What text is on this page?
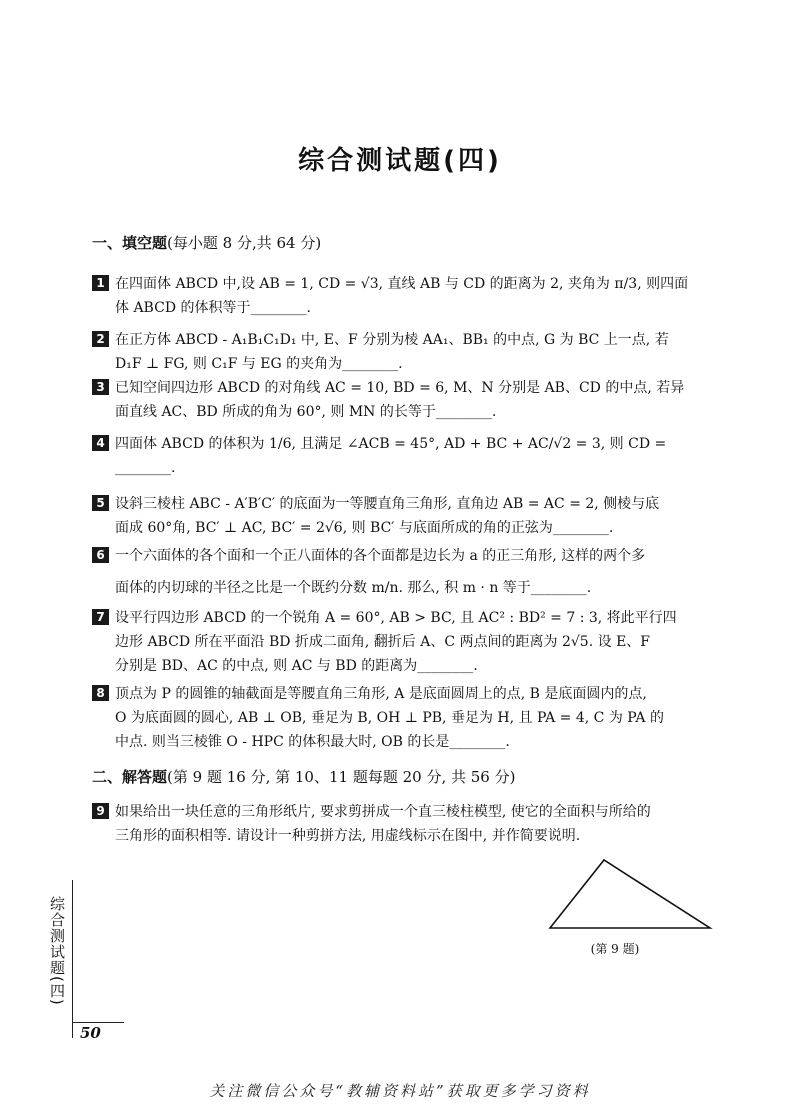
综合测试题(四)
一、填空题(每小题 8 分,共 64 分)
1 在四面体 ABCD 中,设 AB = 1, CD = √3, 直线 AB 与 CD 的距离为 2, 夹角为 π/3, 则四面
体 ABCD 的体积等于________.
2 在正方体 ABCD - A₁B₁C₁D₁ 中, E、F 分别为棱 AA₁、BB₁ 的中点, G 为 BC 上一点, 若
D₁F ⊥ FG, 则 C₁F 与 EG 的夹角为________.
3 已知空间四边形 ABCD 的对角线 AC = 10, BD = 6, M、N 分别是 AB、CD 的中点, 若异
面直线 AC、BD 所成的角为 60°, 则 MN 的长等于________.
4 四面体 ABCD 的体积为 1/6, 且满足 ∠ACB = 45°, AD + BC + AC/√2 = 3, 则 CD =
________.
5 设斜三棱柱 ABC - A′B′C′ 的底面为一等腰直角三角形, 直角边 AB = AC = 2, 侧棱与底
面成 60°角, BC′ ⊥ AC, BC′ = 2√6, 则 BC′ 与底面所成的角的正弦为________.
6 一个六面体的各个面和一个正八面体的各个面都是边长为 a 的正三角形, 这样的两个多
面体的内切球的半径之比是一个既约分数 m/n. 那么, 积 m · n 等于________.
7 设平行四边形 ABCD 的一个锐角 A = 60°, AB > BC, 且 AC² : BD² = 7 : 3, 将此平行四
边形 ABCD 所在平面沿 BD 折成二面角, 翻折后 A、C 两点间的距离为 2√5. 设 E、F
分别是 BD、AC 的中点, 则 AC 与 BD 的距离为________.
8 顶点为 P 的圆锥的轴截面是等腰直角三角形, A 是底面圆周上的点, B 是底面圆内的点,
O 为底面圆的圆心, AB ⊥ OB, 垂足为 B, OH ⊥ PB, 垂足为 H, 且 PA = 4, C 为 PA 的
中点. 则当三棱锥 O - HPC 的体积最大时, OB 的长是________.
二、解答题(第 9 题 16 分, 第 10、11 题每题 20 分, 共 56 分)
9 如果给出一块任意的三角形纸片, 要求剪拼成一个直三棱柱模型, 使它的全面积与所给的
三角形的面积相等. 请设计一种剪拼方法, 用虚线标示在图中, 并作简要说明.
(第 9 题)
综合测试题(四)
50
关注微信公众号“教辅资料站”获取更多学习资料
